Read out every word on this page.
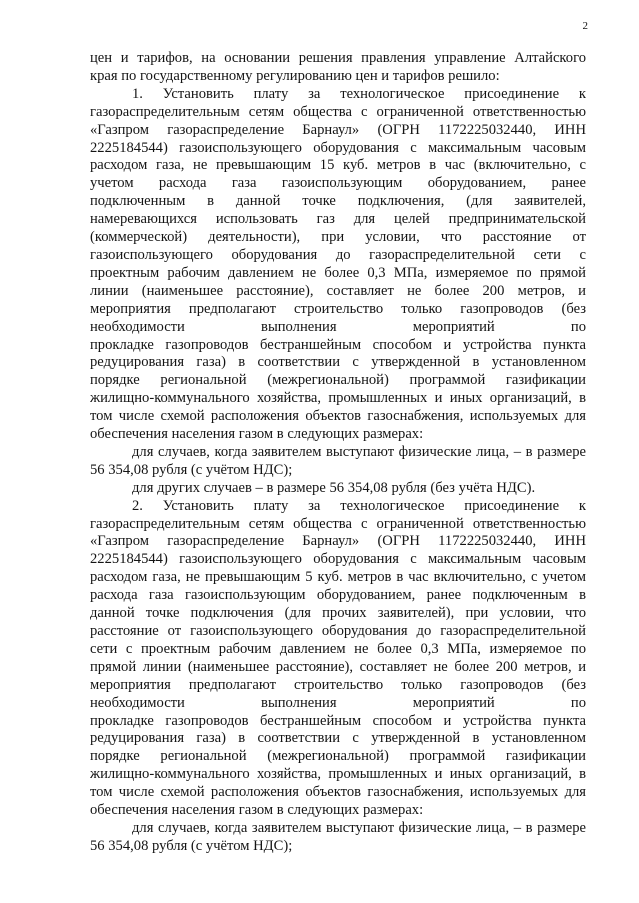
2
цен и тарифов, на основании решения правления управление Алтайского
края по государственному регулированию цен и тарифов решило:
1. Установить плату за технологическое присоединение к
газораспределительным сетям общества с ограниченной ответственностью
«Газпром газораспределение Барнаул» (ОГРН 1172225032440, ИНН
2225184544) газоиспользующего оборудования с максимальным часовым
расходом газа, не превышающим 15 куб. метров в час (включительно, с
учетом расхода газа газоиспользующим оборудованием, ранее
подключенным в данной точке подключения, (для заявителей,
намеревающихся использовать газ для целей предпринимательской
(коммерческой) деятельности), при условии, что расстояние от
газоиспользующего оборудования до газораспределительной сети с
проектным рабочим давлением не более 0,3 МПа, измеряемое по прямой
линии (наименьшее расстояние), составляет не более 200 метров, и
мероприятия предполагают строительство только газопроводов (без
необходимости выполнения мероприятий по
прокладке газопроводов бестраншейным способом и устройства пункта
редуцирования газа) в соответствии с утвержденной в установленном
порядке региональной (межрегиональной) программой газификации
жилищно-коммунального хозяйства, промышленных и иных организаций, в
том числе схемой расположения объектов газоснабжения, используемых для
обеспечения населения газом в следующих размерах:
для случаев, когда заявителем выступают физические лица, – в размере
56 354,08 рубля (с учётом НДС);
для других случаев – в размере 56 354,08 рубля (без учёта НДС).
2. Установить плату за технологическое присоединение к
газораспределительным сетям общества с ограниченной ответственностью
«Газпром газораспределение Барнаул» (ОГРН 1172225032440, ИНН
2225184544) газоиспользующего оборудования с максимальным часовым
расходом газа, не превышающим 5 куб. метров в час включительно, с учетом
расхода газа газоиспользующим оборудованием, ранее подключенным в
данной точке подключения (для прочих заявителей), при условии, что
расстояние от газоиспользующего оборудования до газораспределительной
сети с проектным рабочим давлением не более 0,3 МПа, измеряемое по
прямой линии (наименьшее расстояние), составляет не более 200 метров, и
мероприятия предполагают строительство только газопроводов (без
необходимости выполнения мероприятий по
прокладке газопроводов бестраншейным способом и устройства пункта
редуцирования газа) в соответствии с утвержденной в установленном
порядке региональной (межрегиональной) программой газификации
жилищно-коммунального хозяйства, промышленных и иных организаций, в
том числе схемой расположения объектов газоснабжения, используемых для
обеспечения населения газом в следующих размерах:
для случаев, когда заявителем выступают физические лица, – в размере
56 354,08 рубля (с учётом НДС);
